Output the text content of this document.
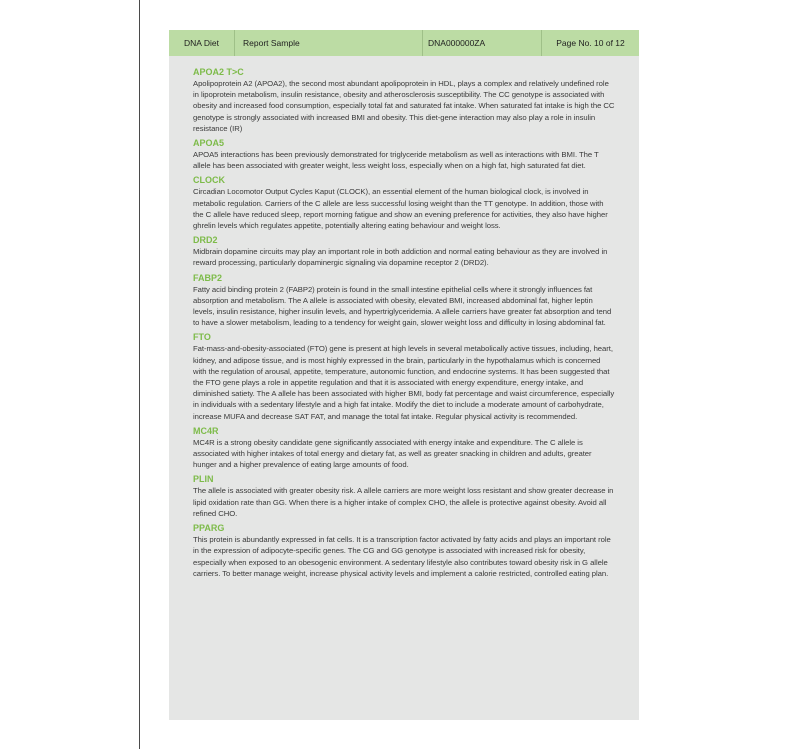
DNA Diet	Report Sample	DNA000000ZA	Page No. 10 of 12
APOA2 T>C

Apolipoprotein A2 (APOA2), the second most abundant apolipoprotein in HDL, plays a complex and relatively undefined role in lipoprotein metabolism, insulin resistance, obesity and atherosclerosis susceptibility. The CC genotype is associated with obesity and increased food consumption, especially total fat and saturated fat intake. When saturated fat intake is high the CC genotype is strongly associated with increased BMI and obesity. This diet-gene interaction may also play a role in insulin resistance (IR)

APOA5

APOA5 interactions has been previously demonstrated for triglyceride metabolism as well as interactions with BMI. The T allele has been associated with greater weight, less weight loss, especially when on a high fat, high saturated fat diet.

CLOCK

Circadian Locomotor Output Cycles Kaput (CLOCK), an essential element of the human biological clock, is involved in metabolic regulation. Carriers of the C allele are less successful losing weight than the TT genotype. In addition, those with the C allele have reduced sleep, report morning fatigue and show an evening preference for activities, they also have higher ghrelin levels which regulates appetite, potentially altering eating behaviour and weight loss.

DRD2

Midbrain dopamine circuits may play an important role in both addiction and normal eating behaviour as they are involved in reward processing, particularly dopaminergic signaling via dopamine receptor 2 (DRD2).

FABP2

Fatty acid binding protein 2 (FABP2) protein is found in the small intestine epithelial cells where it strongly influences fat absorption and metabolism. The A allele is associated with obesity, elevated BMI, increased abdominal fat, higher leptin levels, insulin resistance, higher insulin levels, and hypertriglyceridemia. A allele carriers have greater fat absorption and tend to have a slower metabolism, leading to a tendency for weight gain, slower weight loss and difficulty in losing abdominal fat.

FTO

Fat-mass-and-obesity-associated (FTO) gene is present at high levels in several metabolically active tissues, including, heart, kidney, and adipose tissue, and is most highly expressed in the brain, particularly in the hypothalamus which is concerned with the regulation of arousal, appetite, temperature, autonomic function, and endocrine systems. It has been suggested that the FTO gene plays a role in appetite regulation and that it is associated with energy expenditure, energy intake, and diminished satiety. The A allele has been associated with higher BMI, body fat percentage and waist circumference, especially in individuals with a sedentary lifestyle and a high fat intake. Modify the diet to include a moderate amount of carbohydrate, increase MUFA and decrease SAT FAT, and manage the total fat intake. Regular physical activity is recommended.

MC4R

MC4R is a strong obesity candidate gene significantly associated with energy intake and expenditure. The C allele is associated with higher intakes of total energy and dietary fat, as well as greater snacking in children and adults, greater hunger and a higher prevalence of eating large amounts of food.

PLIN

The allele is associated with greater obesity risk. A allele carriers are more weight loss resistant and show greater decrease in lipid oxidation rate than GG. When there is a higher intake of complex CHO, the allele is protective against obesity. Avoid all refined CHO.

PPARG

This protein is abundantly expressed in fat cells. It is a transcription factor activated by fatty acids and plays an important role in the expression of adipocyte-specific genes. The CG and GG genotype is associated with increased risk for obesity, especially when exposed to an obesogenic environment. A sedentary lifestyle also contributes toward obesity risk in G allele carriers. To better manage weight, increase physical activity levels and implement a calorie restricted, controlled eating plan.
